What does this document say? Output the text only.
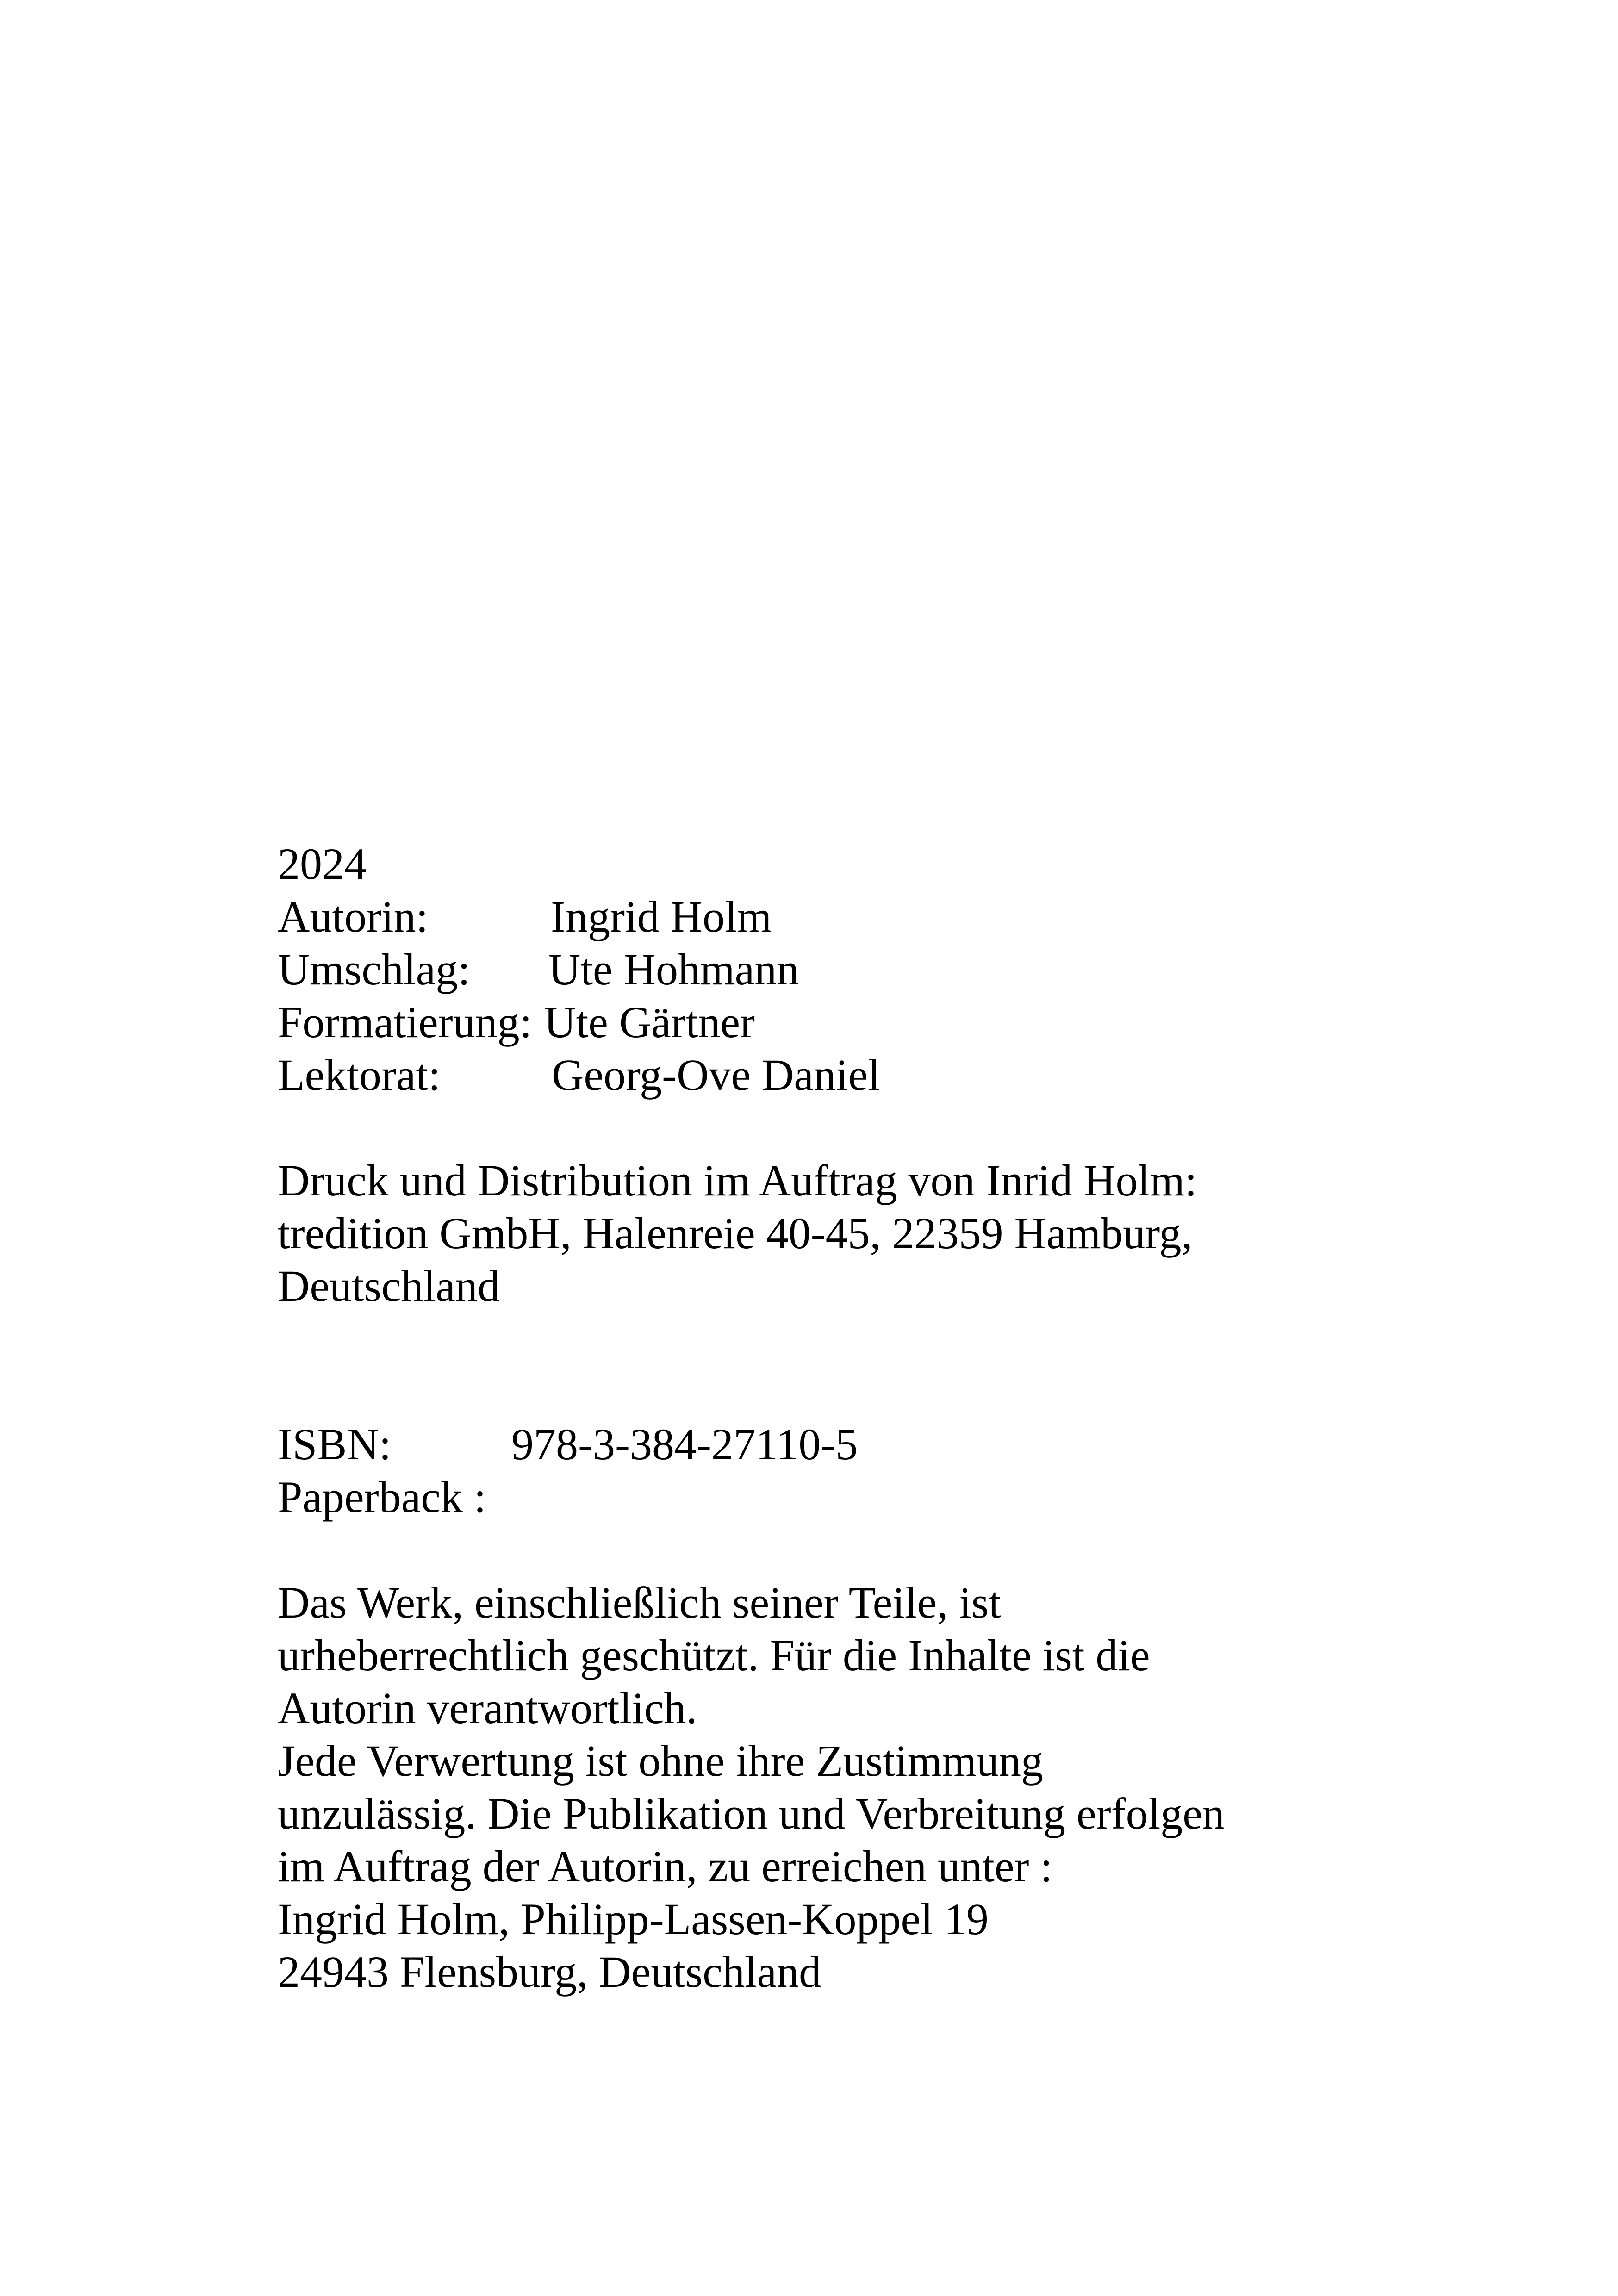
2024
Autorin:	Ingrid Holm
Umschlag:	Ute Hohmann
Formatierung: Ute Gärtner
Lektorat:	Georg-Ove Daniel
Druck und Distribution im Auftrag von Inrid Holm:
tredition GmbH, Halenreie 40-45, 22359 Hamburg,
Deutschland
ISBN:	978-3-384-27110-5
Paperback :
Das Werk, einschließlich seiner Teile, ist
urheberrechtlich geschützt. Für die Inhalte ist die
Autorin verantwortlich.
Jede Verwertung ist ohne ihre Zustimmung
unzulässig. Die Publikation und Verbreitung erfolgen
im Auftrag der Autorin, zu erreichen unter :
Ingrid Holm, Philipp-Lassen-Koppel 19
24943 Flensburg, Deutschland
